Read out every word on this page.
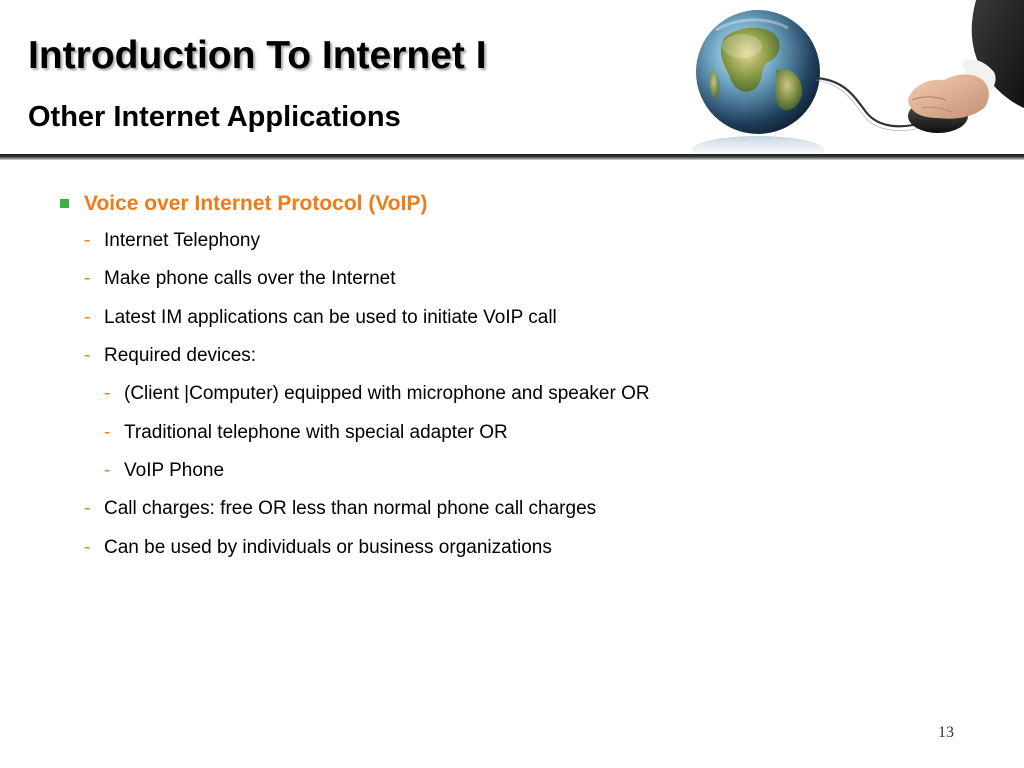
Introduction To Internet I
Other Internet Applications
Voice over Internet Protocol (VoIP)
- Internet Telephony
- Make phone calls over the Internet
- Latest IM applications can be used to initiate VoIP call
- Required devices:
- (Client |Computer) equipped with microphone and speaker OR
- Traditional telephone with special adapter OR
- VoIP Phone
- Call charges: free OR less than normal phone call charges
- Can be used by individuals or business organizations
13
